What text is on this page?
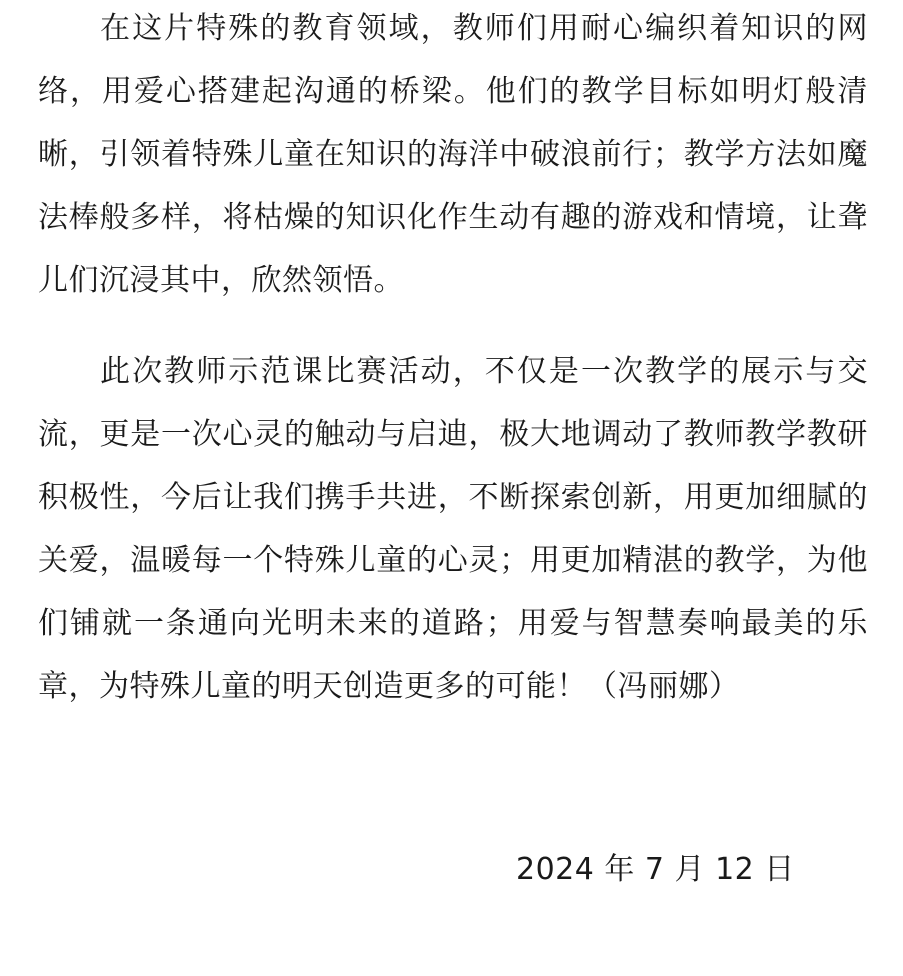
在这片特殊的教育领域，教师们用耐心编织着知识的网络，用爱心搭建起沟通的桥梁。他们的教学目标如明灯般清晰，引领着特殊儿童在知识的海洋中破浪前行；教学方法如魔法棒般多样，将枯燥的知识化作生动有趣的游戏和情境，让聋儿们沉浸其中，欣然领悟。

此次教师示范课比赛活动，不仅是一次教学的展示与交流，更是一次心灵的触动与启迪，极大地调动了教师教学教研积极性，今后让我们携手共进，不断探索创新，用更加细腻的关爱，温暖每一个特殊儿童的心灵；用更加精湛的教学，为他们铺就一条通向光明未来的道路；用爱与智慧奏响最美的乐章，为特殊儿童的明天创造更多的可能！（冯丽娜）

2024 年 7 月 12 日
